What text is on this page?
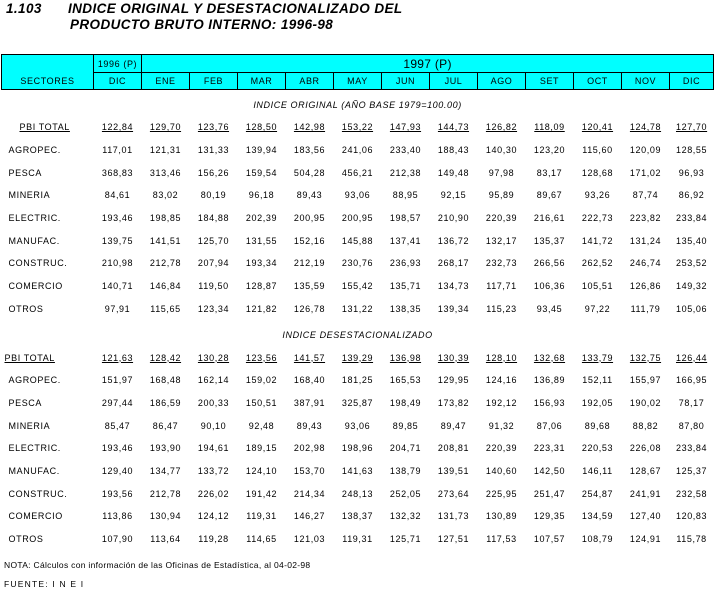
1.103 INDICE ORIGINAL Y DESESTACIONALIZADO DEL
PRODUCTO BRUTO INTERNO: 1996-98
	1996 (P)	1997 (P)											
SECTORES	DIC	ENE	FEB	MAR	ABR	MAY	JUN	JUL	AGO	SET	OCT	NOV	DIC

INDICE ORIGINAL (AÑO BASE 1979=100.00)													
PBI TOTAL	122,84	129,70	123,76	128,50	142,98	153,22	147,93	144,73	126,82	118,09	120,41	124,78	127,70
AGROPEC.	117,01	121,31	131,33	139,94	183,56	241,06	233,40	188,43	140,30	123,20	115,60	120,09	128,55
PESCA	368,83	313,46	156,26	159,54	504,28	456,21	212,38	149,48	97,98	83,17	128,68	171,02	96,93
MINERIA	84,61	83,02	80,19	96,18	89,43	93,06	88,95	92,15	95,89	89,67	93,26	87,74	86,92
ELECTRIC.	193,46	198,85	184,88	202,39	200,95	200,95	198,57	210,90	220,39	216,61	222,73	223,82	233,84
MANUFAC.	139,75	141,51	125,70	131,55	152,16	145,88	137,41	136,72	132,17	135,37	141,72	131,24	135,40
CONSTRUC.	210,98	212,78	207,94	193,34	212,19	230,76	236,93	268,17	232,73	266,56	262,52	246,74	253,52
COMERCIO	140,71	146,84	119,50	128,87	135,59	155,42	135,71	134,73	117,71	106,36	105,51	126,86	149,32
OTROS	97,91	115,65	123,34	121,82	126,78	131,22	138,35	139,34	115,23	93,45	97,22	111,79	105,06

INDICE DESESTACIONALIZADO													
PBI TOTAL	121,63	128,42	130,28	123,56	141,57	139,29	136,98	130,39	128,10	132,68	133,79	132,75	126,44
AGROPEC.	151,97	168,48	162,14	159,02	168,40	181,25	165,53	129,95	124,16	136,89	152,11	155,97	166,95
PESCA	297,44	186,59	200,33	150,51	387,91	325,87	198,49	173,82	192,12	156,93	192,05	190,02	78,17
MINERIA	85,47	86,47	90,10	92,48	89,43	93,06	89,85	89,47	91,32	87,06	89,68	88,82	87,80
ELECTRIC.	193,46	193,90	194,61	189,15	202,98	198,96	204,71	208,81	220,39	223,31	220,53	226,08	233,84
MANUFAC.	129,40	134,77	133,72	124,10	153,70	141,63	138,79	139,51	140,60	142,50	146,11	128,67	125,37
CONSTRUC.	193,56	212,78	226,02	191,42	214,34	248,13	252,05	273,64	225,95	251,47	254,87	241,91	232,58
COMERCIO	113,86	130,94	124,12	119,31	146,27	138,37	132,32	131,73	130,89	129,35	134,59	127,40	120,83
OTROS	107,90	113,64	119,28	114,65	121,03	119,31	125,71	127,51	117,53	107,57	108,79	124,91	115,78
NOTA: Cálculos con información de las Oficinas de Estadística, al 04-02-98
FUENTE: I N E I
